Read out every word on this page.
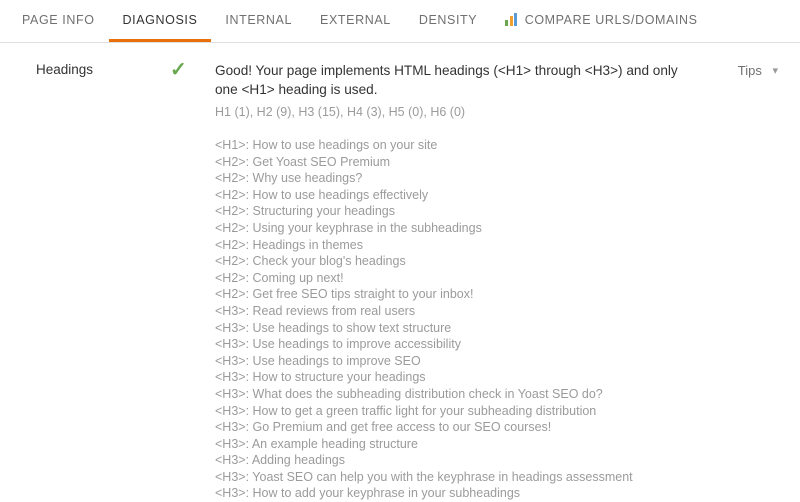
PAGE INFO DIAGNOSIS INTERNAL EXTERNAL DENSITY	COMPARE URLS/DOMAINS
Headings	✓	Good! Your page implements HTML headings (<H1> through <H3>) and only one <H1> heading is used.

H1 (1), H2 (9), H3 (15), H4 (3), H5 (0), H6 (0)

<H1>: How to use headings on your site
<H2>: Get Yoast SEO Premium
<H2>: Why use headings?
<H2>: How to use headings effectively
<H2>: Structuring your headings
<H2>: Using your keyphrase in the subheadings
<H2>: Headings in themes
<H2>: Check your blog's headings
<H2>: Coming up next!
<H2>: Get free SEO tips straight to your inbox!
<H3>: Read reviews from real users
<H3>: Use headings to show text structure
<H3>: Use headings to improve accessibility
<H3>: Use headings to improve SEO
<H3>: How to structure your headings
<H3>: What does the subheading distribution check in Yoast SEO do?
<H3>: How to get a green traffic light for your subheading distribution
<H3>: Go Premium and get free access to our SEO courses!
<H3>: An example heading structure
<H3>: Adding headings
<H3>: Yoast SEO can help you with the keyphrase in headings assessment
<H3>: How to add your keyphrase in your subheadings
Tips ▾
